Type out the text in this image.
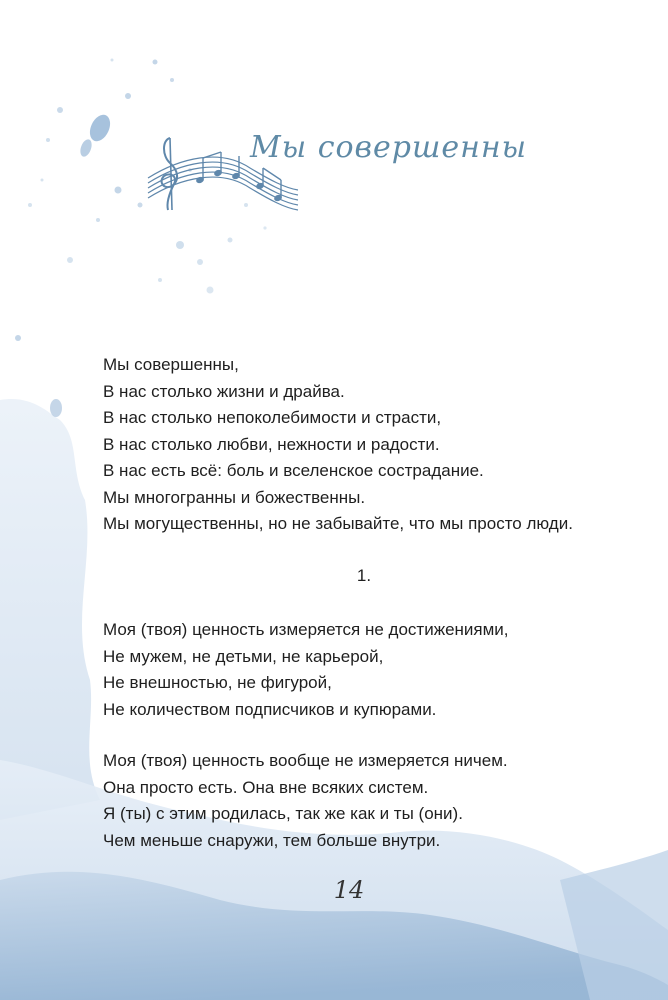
Мы совершенны
Мы совершенны,
В нас столько жизни и драйва.
В нас столько непоколебимости и страсти,
В нас столько любви, нежности и радости.
В нас есть всё: боль и вселенское сострадание.
Мы многогранны и божественны.
Мы могущественны, но не забывайте, что мы просто люди.
1.
Моя (твоя) ценность измеряется не достижениями,
Не мужем, не детьми, не карьерой,
Не внешностью, не фигурой,
Не количеством подписчиков и купюрами.
Моя (твоя) ценность вообще не измеряется ничем.
Она просто есть. Она вне всяких систем.
Я (ты) с этим родилась, так же как и ты (они).
Чем меньше снаружи, тем больше внутри.
14
